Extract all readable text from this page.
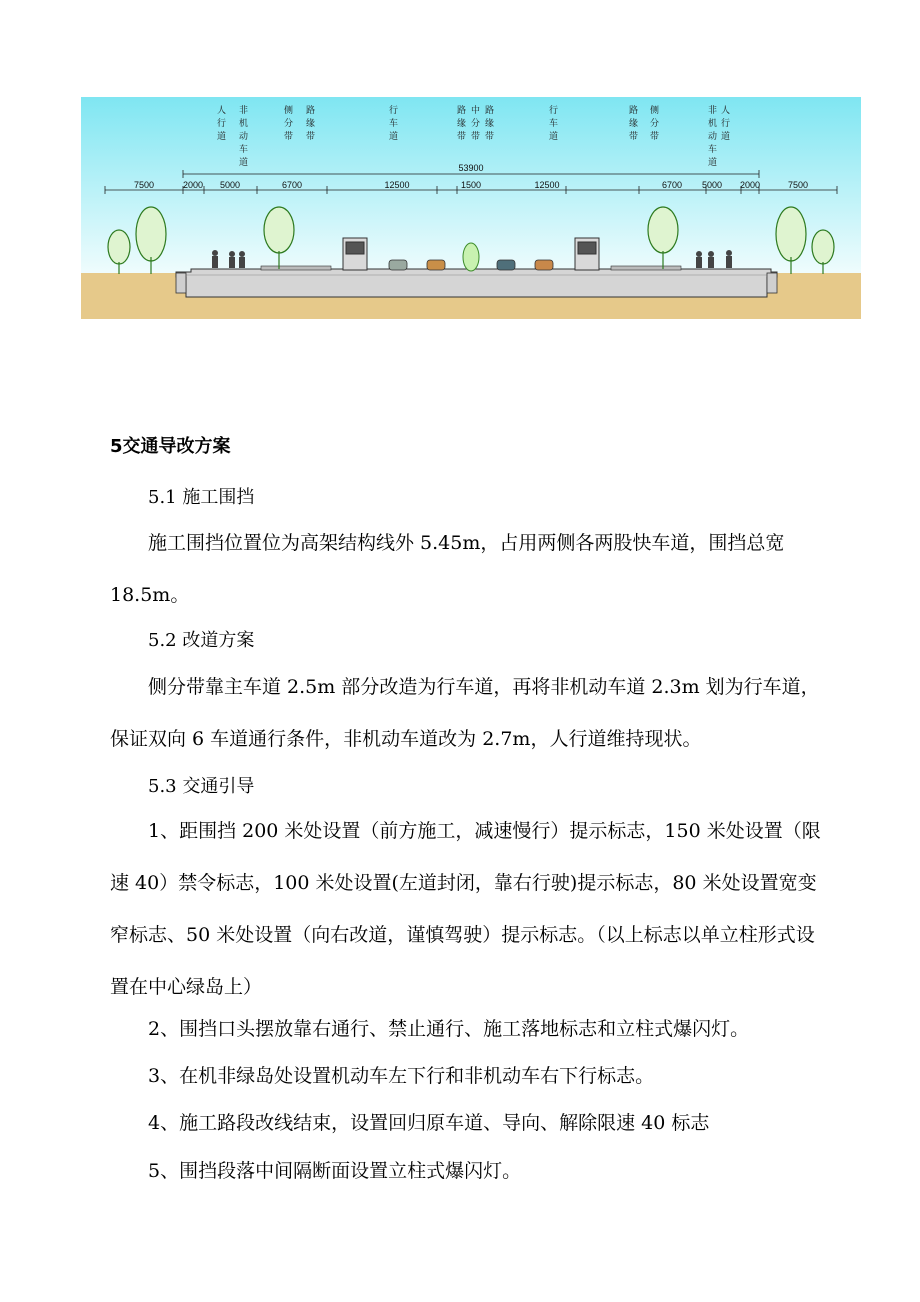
人行道
非机动车道
侧分带
路缘带
行车道
路缘带
中分带
路缘带
行车道
路缘带
侧分带
非机动车道
人行道
53900
7500	2000 5000	6700	12500	1500	12500	6700 5000 2000	7500
5交通导改方案
5.1 施工围挡
施工围挡位置位为高架结构线外 5.45m，占用两侧各两股快车道，围挡总宽 18.5m。
5.2 改道方案
侧分带靠主车道 2.5m 部分改造为行车道，再将非机动车道 2.3m 划为行车道，保证双向 6 车道通行条件，非机动车道改为 2.7m，人行道维持现状。
5.3 交通引导
1、距围挡 200 米处设置（前方施工，减速慢行）提示标志，150 米处设置（限速 40）禁令标志，100 米处设置(左道封闭，靠右行驶)提示标志，80 米处设置宽变窄标志、50 米处设置（向右改道，谨慎驾驶）提示标志。（以上标志以单立柱形式设置在中心绿岛上）
2、围挡口头摆放靠右通行、禁止通行、施工落地标志和立柱式爆闪灯。
3、在机非绿岛处设置机动车左下行和非机动车右下行标志。
4、施工路段改线结束，设置回归原车道、导向、解除限速 40 标志
5、围挡段落中间隔断面设置立柱式爆闪灯。
